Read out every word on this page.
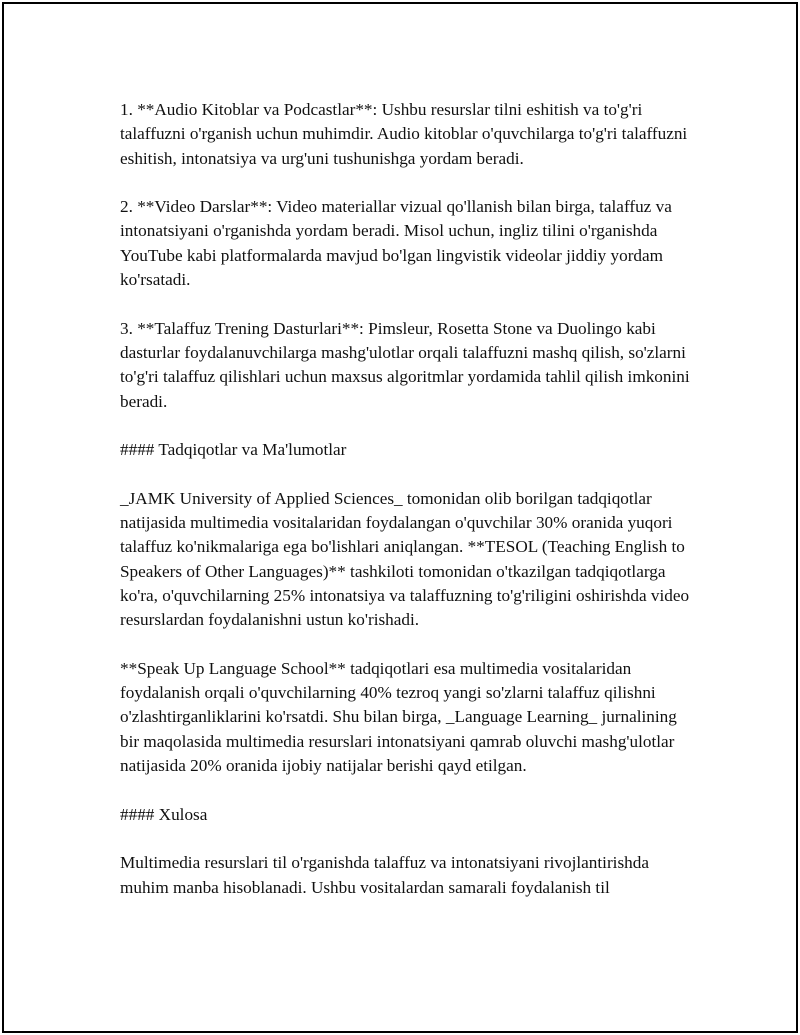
1. **Audio Kitoblar va Podcastlar**: Ushbu resurslar tilni eshitish va to'g'ri talaffuzni o'rganish uchun muhimdir. Audio kitoblar o'quvchilarga to'g'ri talaffuzni eshitish, intonatsiya va urg'uni tushunishga yordam beradi.

2. **Video Darslar**: Video materiallar vizual qo'llanish bilan birga, talaffuz va intonatsiyani o'rganishda yordam beradi. Misol uchun, ingliz tilini o'rganishda YouTube kabi platformalarda mavjud bo'lgan lingvistik videolar jiddiy yordam ko'rsatadi.

3. **Talaffuz Trening Dasturlari**: Pimsleur, Rosetta Stone va Duolingo kabi dasturlar foydalanuvchilarga mashg'ulotlar orqali talaffuzni mashq qilish, so'zlarni to'g'ri talaffuz qilishlari uchun maxsus algoritmlar yordamida tahlil qilish imkonini beradi.

#### Tadqiqotlar va Ma'lumotlar

_JAMK University of Applied Sciences_ tomonidan olib borilgan tadqiqotlar natijasida multimedia vositalaridan foydalangan o'quvchilar 30% oranida yuqori talaffuz ko'nikmalariga ega bo'lishlari aniqlangan. **TESOL (Teaching English to Speakers of Other Languages)** tashkiloti tomonidan o'tkazilgan tadqiqotlarga ko'ra, o'quvchilarning 25% intonatsiya va talaffuzning to'g'riligini oshirishda video resurslardan foydalanishni ustun ko'rishadi.

**Speak Up Language School** tadqiqotlari esa multimedia vositalaridan foydalanish orqali o'quvchilarning 40% tezroq yangi so'zlarni talaffuz qilishni o'zlashtirganliklarini ko'rsatdi. Shu bilan birga, _Language Learning_ jurnalining bir maqolasida multimedia resurslari intonatsiyani qamrab oluvchi mashg'ulotlar natijasida 20% oranida ijobiy natijalar berishi qayd etilgan.

#### Xulosa

Multimedia resurslari til o'rganishda talaffuz va intonatsiyani rivojlantirishda muhim manba hisoblanadi. Ushbu vositalardan samarali foydalanish til
